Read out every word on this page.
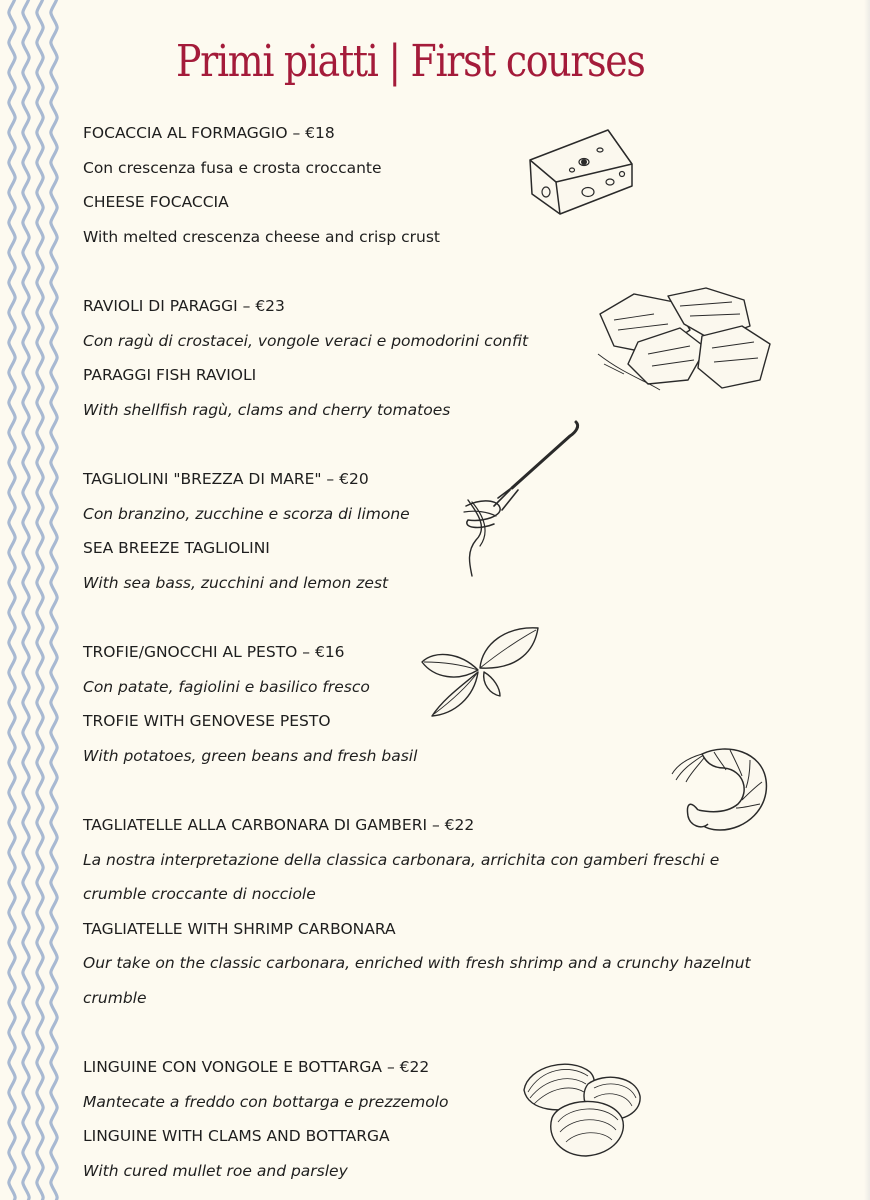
Primi piatti | First courses
FOCACCIA AL FORMAGGIO – €18
Con crescenza fusa e crosta croccante
CHEESE FOCACCIA
With melted crescenza cheese and crisp crust
RAVIOLI DI PARAGGI – €23
Con ragù di crostacei, vongole veraci e pomodorini confit
PARAGGI FISH RAVIOLI
With shellfish ragù, clams and cherry tomatoes
TAGLIOLINI "BREZZA DI MARE" – €20
Con branzino, zucchine e scorza di limone
SEA BREEZE TAGLIOLINI
With sea bass, zucchini and lemon zest
TROFIE/GNOCCHI AL PESTO – €16
Con patate, fagiolini e basilico fresco
TROFIE WITH GENOVESE PESTO
With potatoes, green beans and fresh basil
TAGLIATELLE ALLA CARBONARA DI GAMBERI – €22
La nostra interpretazione della classica carbonara, arrichita con gamberi freschi e crumble croccante di nocciole
TAGLIATELLE WITH SHRIMP CARBONARA
Our take on the classic carbonara, enriched with fresh shrimp and a crunchy hazelnut crumble
LINGUINE CON VONGOLE E BOTTARGA – €22
Mantecate a freddo con bottarga e prezzemolo
LINGUINE WITH CLAMS AND BOTTARGA
With cured mullet roe and parsley
